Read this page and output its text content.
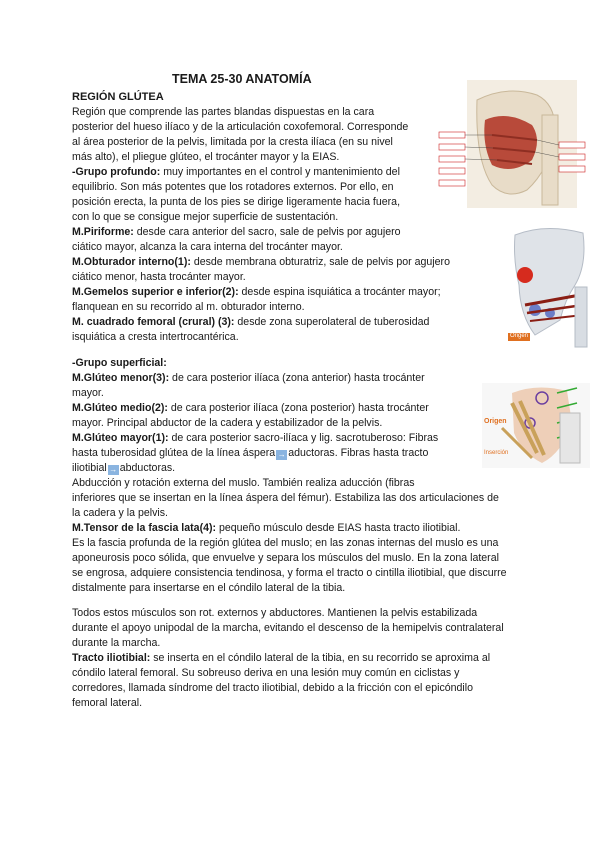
TEMA 25-30 ANATOMÍA
REGIÓN GLÚTEA
Región que comprende las partes blandas dispuestas en la cara
posterior del hueso ilíaco y de la articulación coxofemoral. Corresponde
al área posterior de la pelvis, limitada por la cresta ilíaca (en su nivel
más alto), el pliegue glúteo, el trocánter mayor y la EIAS.
-Grupo profundo: muy importantes en el control y mantenimiento del
equilibrio. Son más potentes que los rotadores externos. Por ello, en
posición erecta, la punta de los pies se dirige ligeramente hacia fuera,
con lo que se consigue mejor superficie de sustentación.
M.Piriforme: desde cara anterior del sacro, sale de pelvis por agujero
ciático mayor, alcanza la cara interna del trocánter mayor.
M.Obturador interno(1): desde membrana obturatriz, sale de pelvis por agujero
ciático menor, hasta trocánter mayor.
M.Gemelos superior e inferior(2): desde espina isquiática a trocánter mayor;
flanquean en su recorrido al m. obturador interno.
M. cuadrado femoral (crural) (3): desde zona superolateral de tuberosidad
isquiática a cresta intertrocantérica.
-Grupo superficial:
M.Glúteo menor(3): de cara posterior ilíaca (zona anterior) hasta trocánter
mayor.
M.Glúteo medio(2): de cara posterior ilíaca (zona posterior) hasta trocánter
mayor. Principal abductor de la cadera y estabilizador de la pelvis.
M.Glúteo mayor(1): de cara posterior sacro-ilíaca y lig. sacrotuberoso: Fibras
hasta tuberosidad glútea de la línea áspera → aductoras. Fibras hasta tracto
iliotibial → abductoras.
Abducción y rotación externa del muslo. También realiza aducción (fibras
inferiores que se insertan en la línea áspera del fémur). Estabiliza las dos articulaciones de
la cadera y la pelvis.
M.Tensor de la fascia lata(4): pequeño músculo desde EIAS hasta tracto iliotibial.
Es la fascia profunda de la región glútea del muslo; en las zonas internas del muslo es una
aponeurosis poco sólida, que envuelve y separa los músculos del muslo. En la zona lateral
se engrosa, adquiere consistencia tendinosa, y forma el tracto o cintilla iliotibial, que discurre
distalmente para insertarse en el cóndilo lateral de la tibia.
Todos estos músculos son rot. externos y abductores. Mantienen la pelvis estabilizada
durante el apoyo unipodal de la marcha, evitando el descenso de la hemipelvis contralateral
durante la marcha.
Tracto iliotibial: se inserta en el cóndilo lateral de la tibia, en su recorrido se aproxima al
cóndilo lateral femoral. Su sobreuso deriva en una lesión muy común en ciclistas y
corredores, llamada síndrome del tracto iliotibial, debido a la fricción con el epicóndilo
femoral lateral.
Origen
Origen
Inserción
